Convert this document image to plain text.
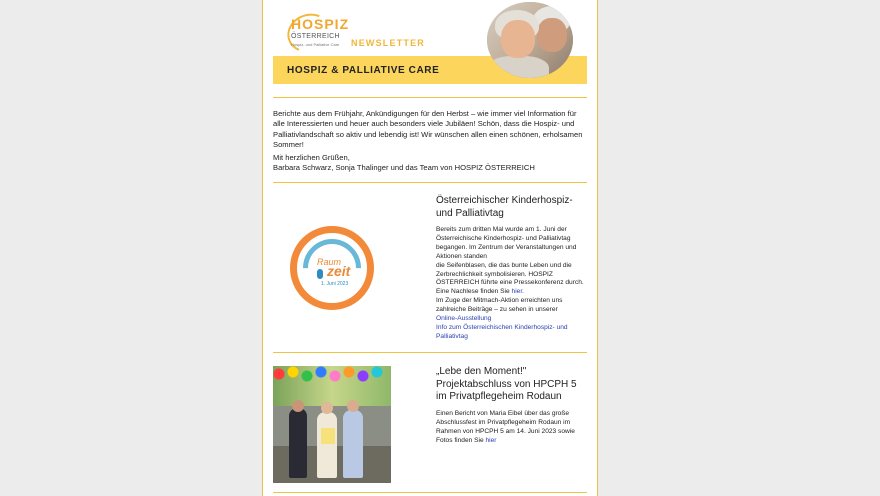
HOSPIZ
ÖSTERREICH
Hospiz- und Palliative Care NEWSLETTER
HOSPIZ & PALLIATIVE CARE

Berichte aus dem Frühjahr, Ankündigungen für den Herbst – wie immer viel Information für alle Interessierten und heuer auch besonders viele Jubiläen! Schön, dass die Hospiz- und Palliativlandschaft so aktiv und lebendig ist! Wir wünschen allen einen schönen, erholsamen Sommer!

Mit herzlichen Grüßen,
Barbara Schwarz, Sonja Thalinger und das Team von HOSPIZ ÖSTERREICH
Raum
zeit
1. Juni 2023
Österreichischer Kinderhospiz- und Palliativtag
Bereits zum dritten Mal wurde am 1. Juni der Österreichische Kinderhospiz- und Palliativtag begangen. Im Zentrum der Veranstaltungen und Aktionen standen
die Seifenblasen, die das bunte Leben und die Zerbrechlichkeit symbolisieren. HOSPIZ ÖSTERREICH führte eine Pressekonferenz durch. Eine Nachlese finden Sie hier.
Im Zuge der Mitmach-Aktion erreichten uns zahlreiche Beiträge – zu sehen in unserer
Online-Ausstellung
Info zum Österreichischen Kinderhospiz- und Palliativtag
„Lebe den Moment!" Projektabschluss von HPCPH 5 im Privatpflegeheim Rodaun
Einen Bericht von Maria Eibel über das große Abschlussfest im Privatpflegeheim Rodaun im Rahmen von HPCPH 5 am 14. Juni 2023 sowie Fotos finden Sie hier
